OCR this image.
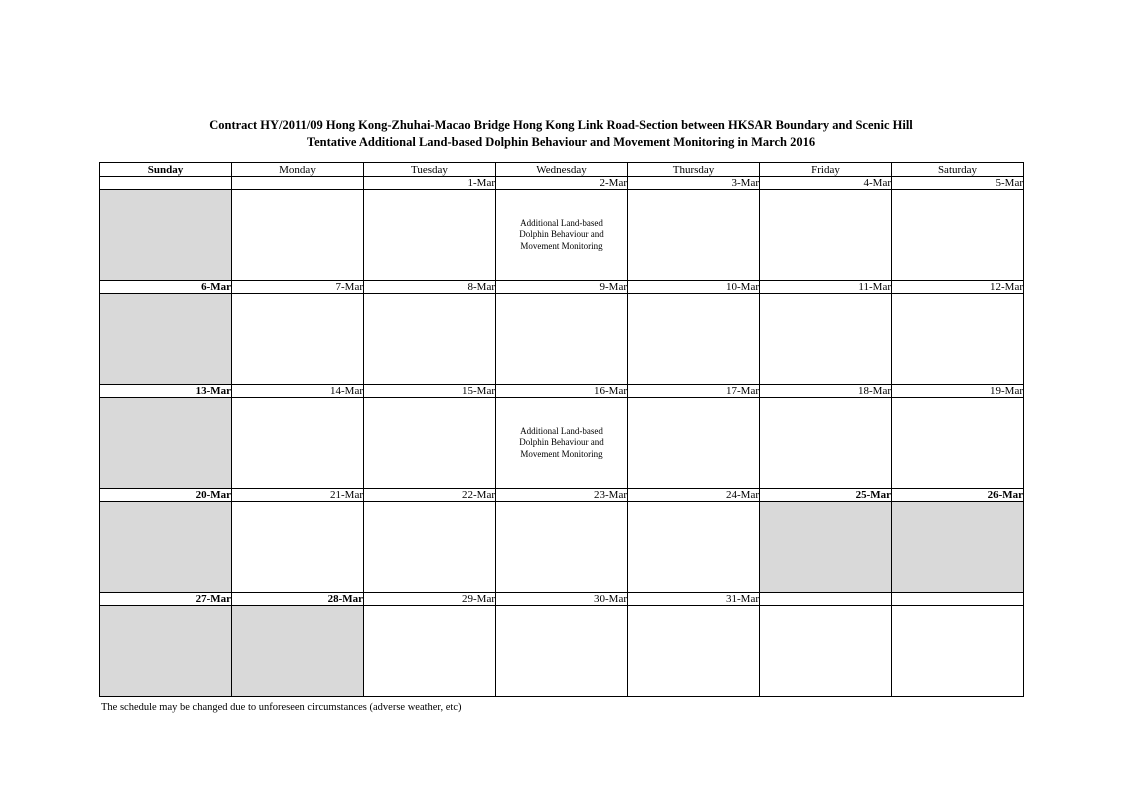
Contract HY/2011/09 Hong Kong-Zhuhai-Macao Bridge Hong Kong Link Road-Section between HKSAR Boundary and Scenic Hill
Tentative Additional Land-based Dolphin Behaviour and Movement Monitoring in March 2016
Sunday	Monday	Tuesday	Wednesday	Thursday	Friday	Saturday
		1-Mar	2-Mar	3-Mar	4-Mar	5-Mar
			Additional Land-based Dolphin Behaviour and Movement Monitoring			
6-Mar	7-Mar	8-Mar	9-Mar	10-Mar	11-Mar	12-Mar

13-Mar	14-Mar	15-Mar	16-Mar	17-Mar	18-Mar	19-Mar
			Additional Land-based Dolphin Behaviour and Movement Monitoring			
20-Mar	21-Mar	22-Mar	23-Mar	24-Mar	25-Mar	26-Mar

27-Mar	28-Mar	29-Mar	30-Mar	31-Mar		

The schedule may be changed due to unforeseen circumstances (adverse weather, etc)
